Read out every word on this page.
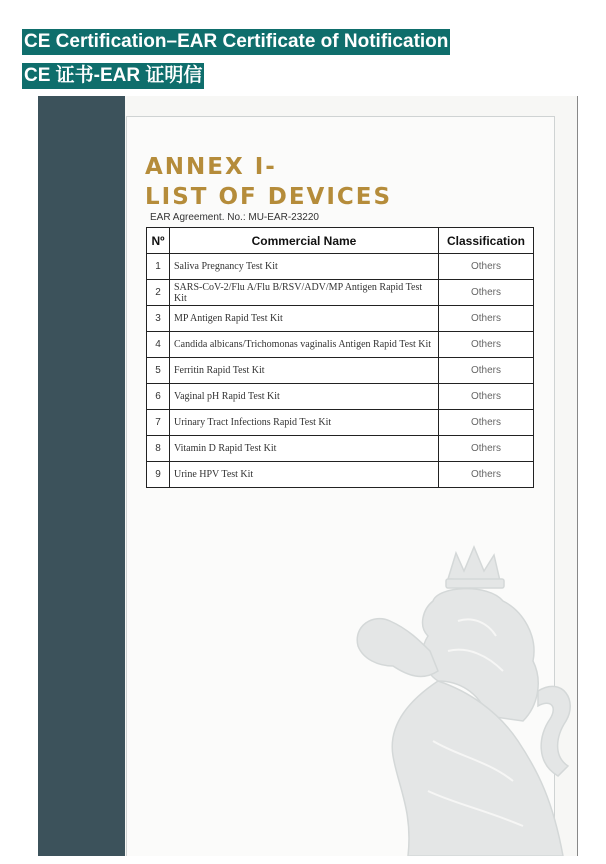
CE Certification–EAR Certificate of Notification
CE 证书-EAR 证明信
ANNEX I-
LIST OF DEVICES
EAR Agreement. No.: MU-EAR-23220
Nº	Commercial Name	Classification
1	Saliva Pregnancy Test Kit	Others
2	SARS-CoV-2/Flu A/Flu B/RSV/ADV/MP Antigen Rapid Test Kit	Others
3	MP Antigen Rapid Test Kit	Others
4	Candida albicans/Trichomonas vaginalis Antigen Rapid Test Kit	Others
5	Ferritin Rapid Test Kit	Others
6	Vaginal pH Rapid Test Kit	Others
7	Urinary Tract Infections Rapid Test Kit	Others
8	Vitamin D Rapid Test Kit	Others
9	Urine HPV Test Kit	Others
